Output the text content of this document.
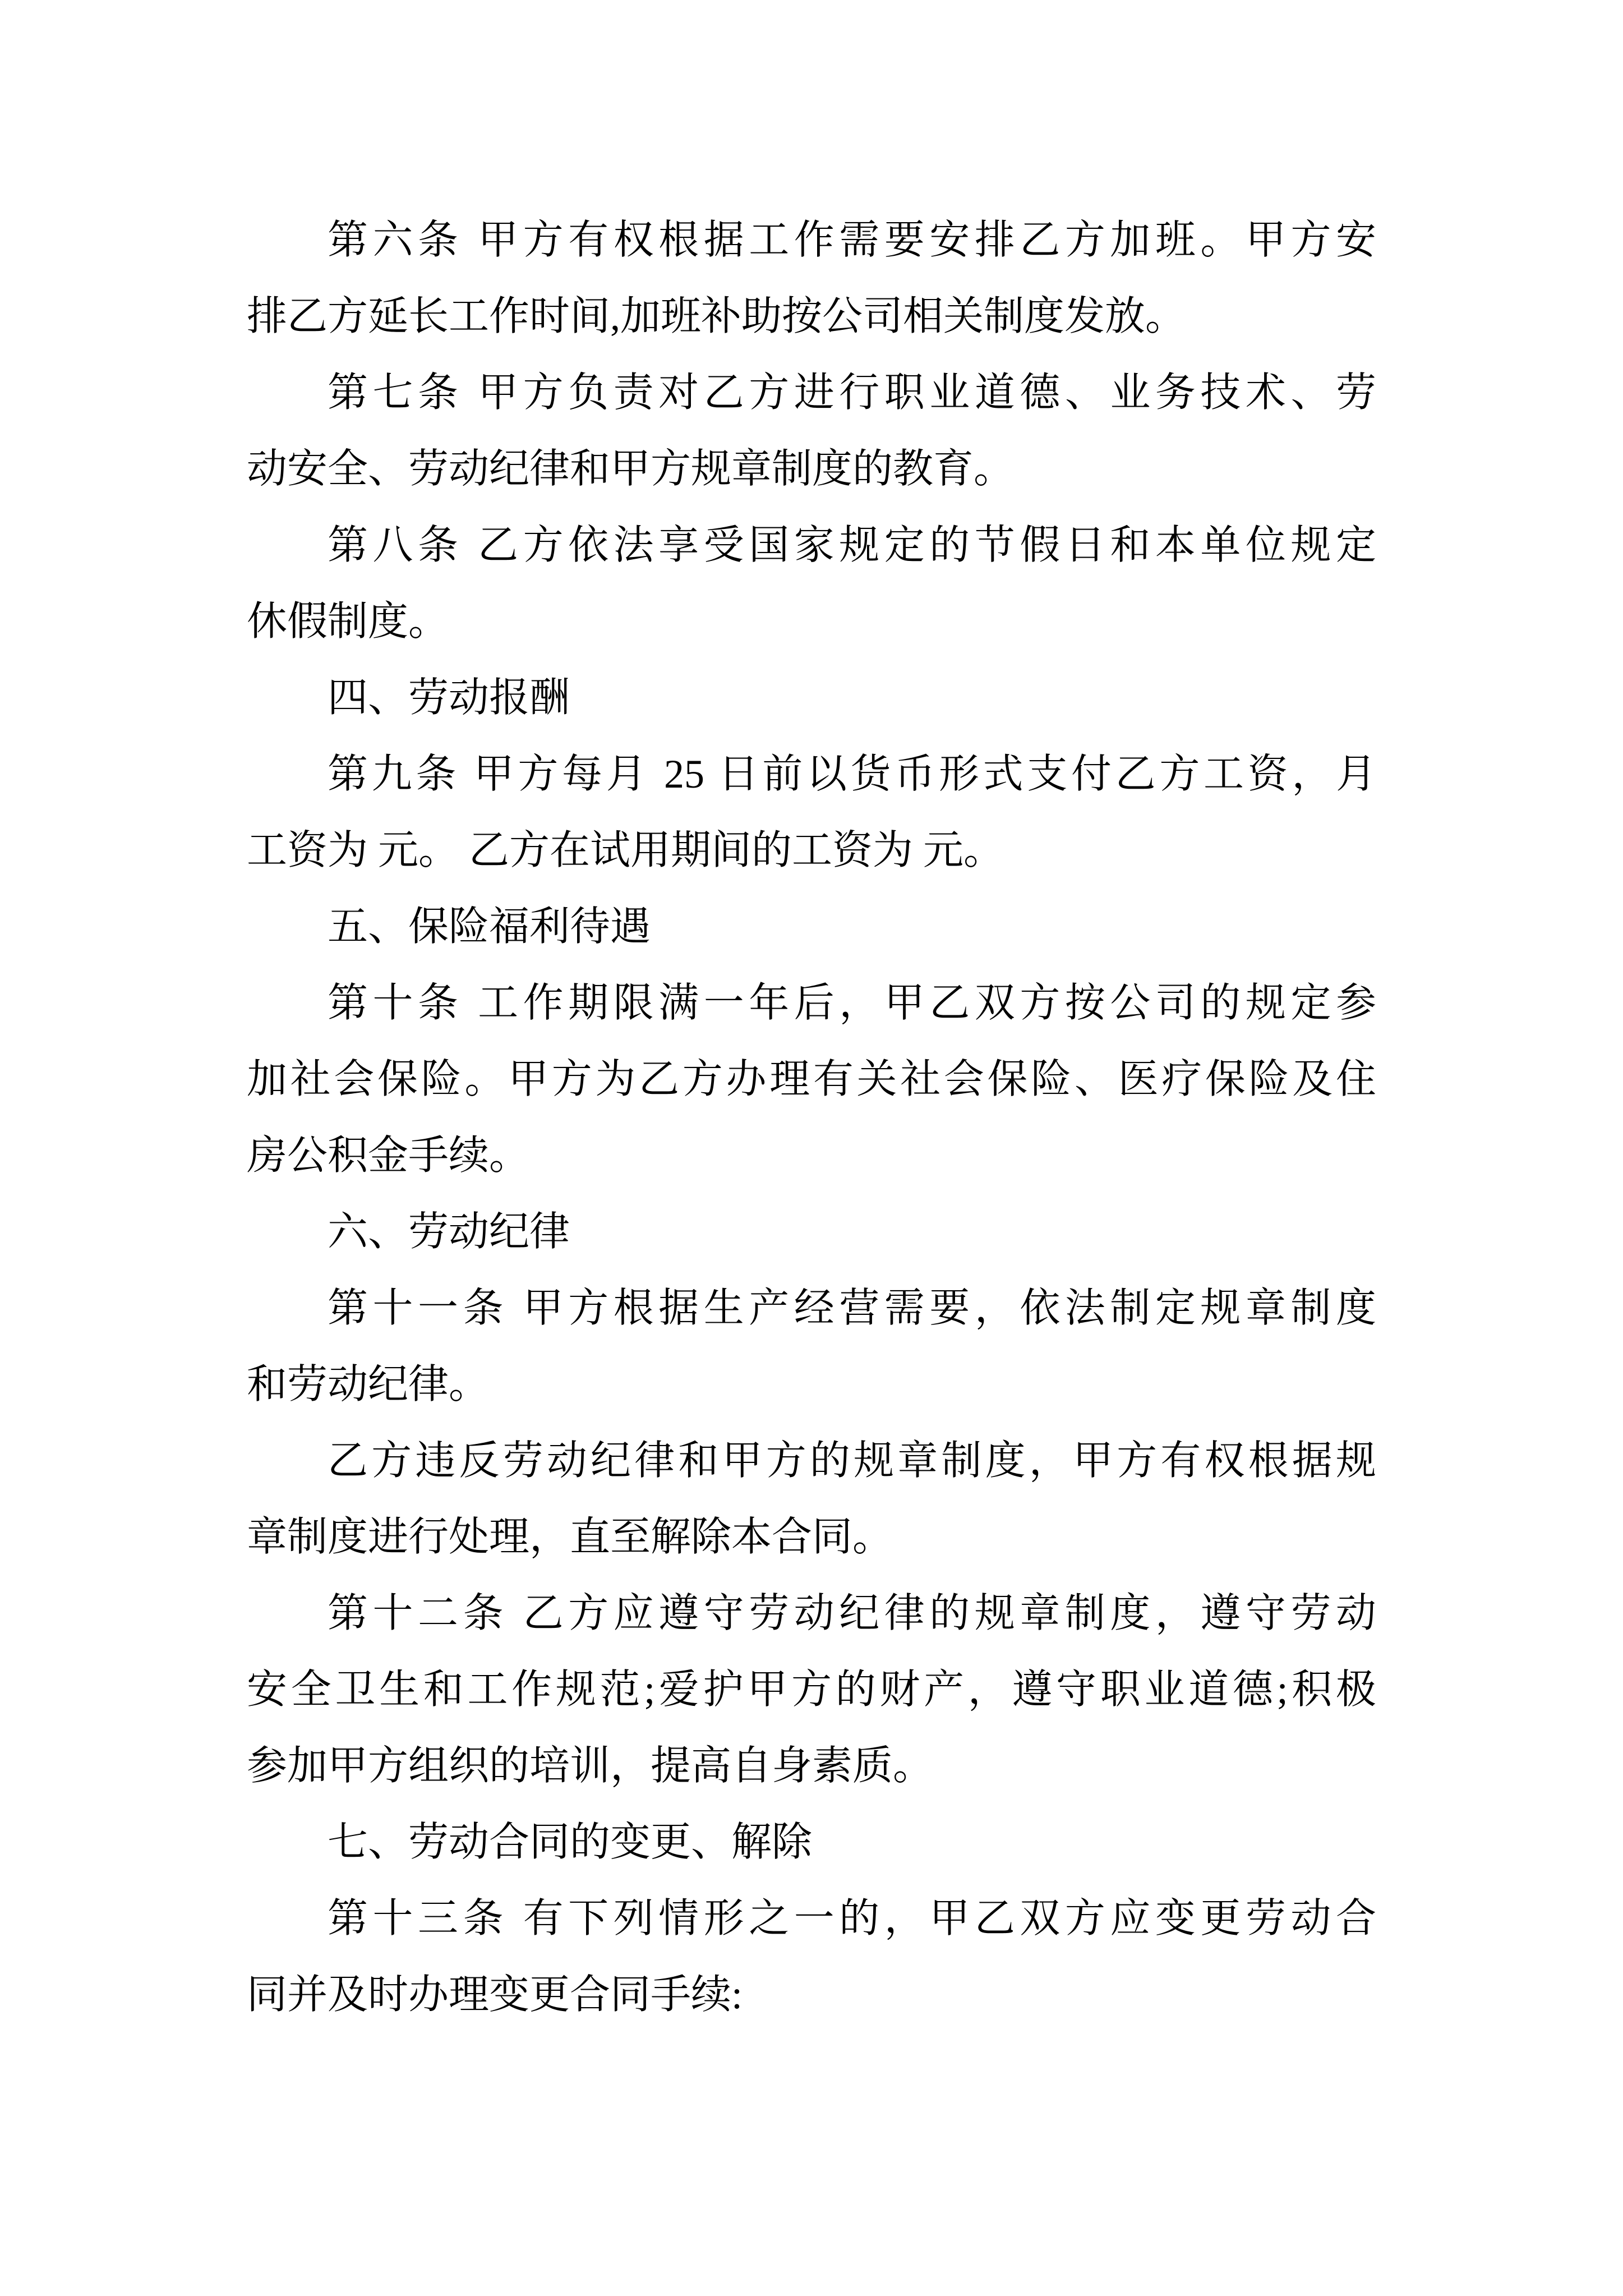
第六条 甲方有权根据工作需要安排乙方加班。甲方安
排乙方延长工作时间,加班补助按公司相关制度发放。

第七条 甲方负责对乙方进行职业道德、业务技术、劳
动安全、劳动纪律和甲方规章制度的教育。

第八条 乙方依法享受国家规定的节假日和本单位规定
休假制度。

四、劳动报酬

第九条 甲方每月 25 日前以货币形式支付乙方工资，月
工资为 元。 乙方在试用期间的工资为 元。

五、保险福利待遇

第十条 工作期限满一年后，甲乙双方按公司的规定参
加社会保险。甲方为乙方办理有关社会保险、医疗保险及住
房公积金手续。

六、劳动纪律

第十一条 甲方根据生产经营需要，依法制定规章制度
和劳动纪律。

乙方违反劳动纪律和甲方的规章制度，甲方有权根据规
章制度进行处理，直至解除本合同。

第十二条 乙方应遵守劳动纪律的规章制度，遵守劳动
安全卫生和工作规范;爱护甲方的财产，遵守职业道德;积极
参加甲方组织的培训，提高自身素质。

七、劳动合同的变更、解除

第十三条 有下列情形之一的，甲乙双方应变更劳动合
同并及时办理变更合同手续:
